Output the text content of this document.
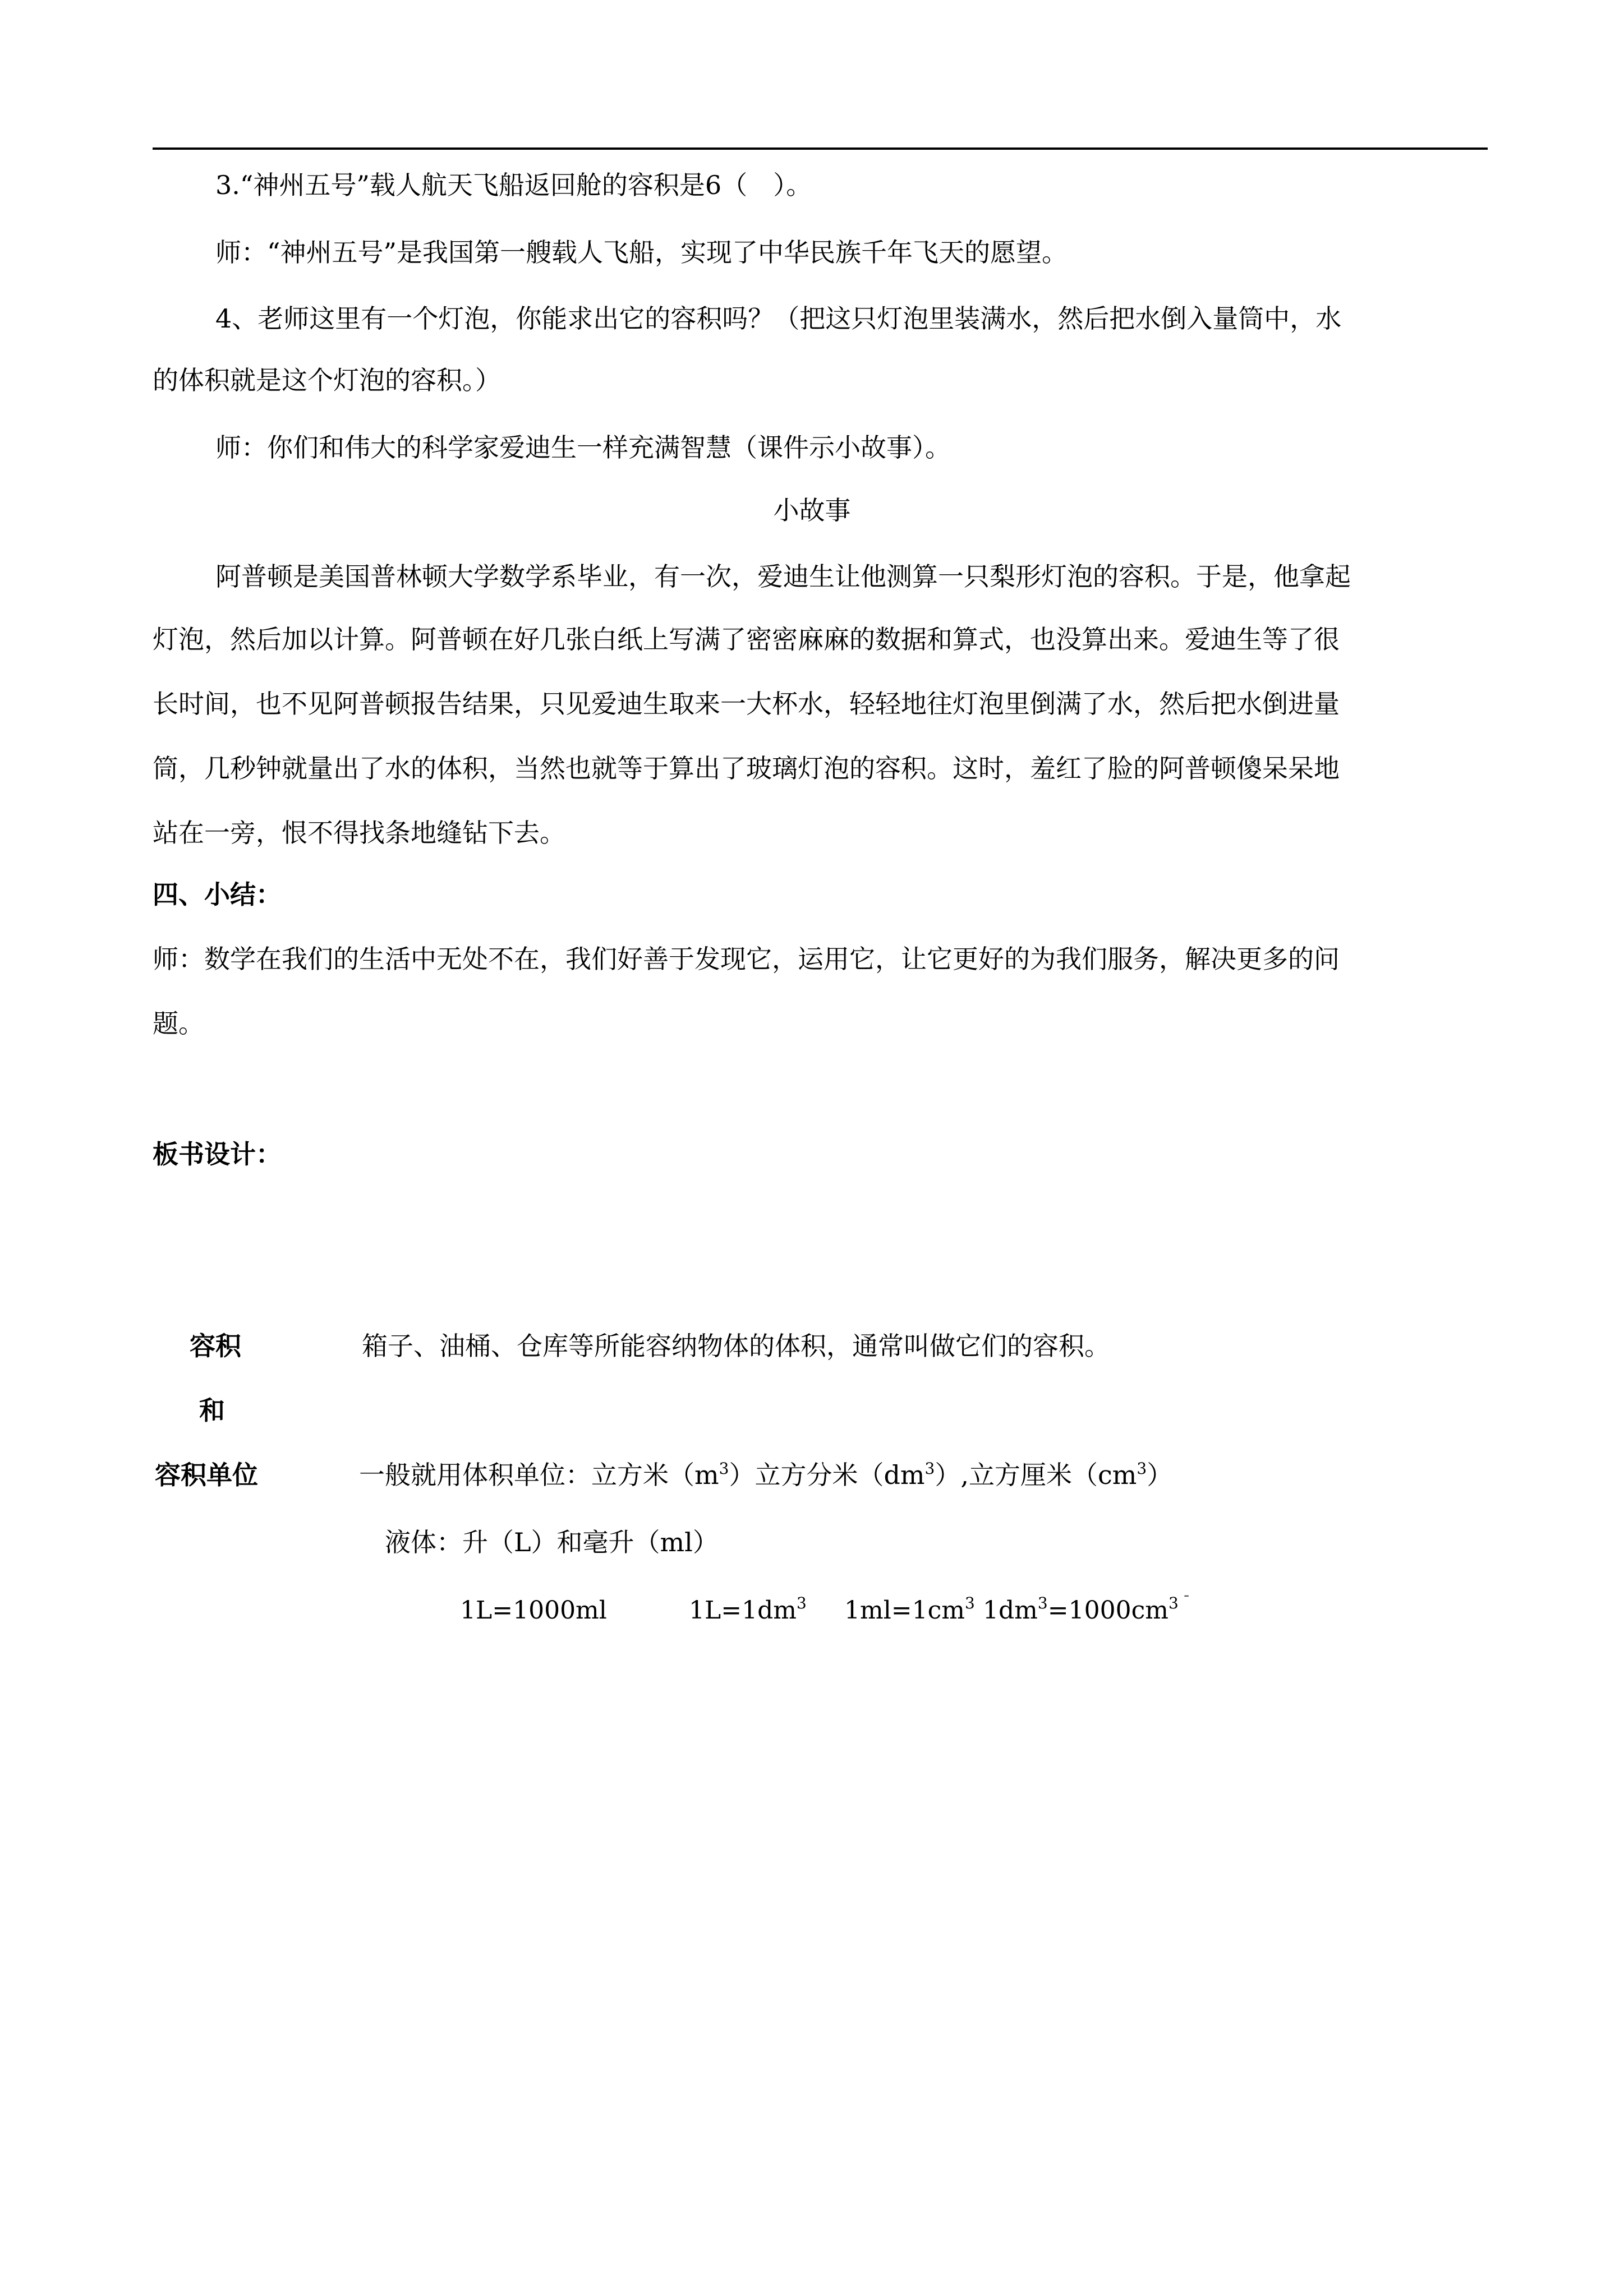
3.“神州五号”载人航天飞船返回舱的容积是6（　）。
师：“神州五号”是我国第一艘载人飞船，实现了中华民族千年飞天的愿望。
4、老师这里有一个灯泡，你能求出它的容积吗？（把这只灯泡里装满水，然后把水倒入量筒中，水
的体积就是这个灯泡的容积。）
师：你们和伟大的科学家爱迪生一样充满智慧（课件示小故事）。
小故事
阿普顿是美国普林顿大学数学系毕业，有一次，爱迪生让他测算一只梨形灯泡的容积。于是，他拿起
灯泡，然后加以计算。阿普顿在好几张白纸上写满了密密麻麻的数据和算式，也没算出来。爱迪生等了很
长时间，也不见阿普顿报告结果，只见爱迪生取来一大杯水，轻轻地往灯泡里倒满了水，然后把水倒进量
筒，几秒钟就量出了水的体积，当然也就等于算出了玻璃灯泡的容积。这时，羞红了脸的阿普顿傻呆呆地
站在一旁，恨不得找条地缝钻下去。
四、小结：
师：数学在我们的生活中无处不在，我们好善于发现它，运用它，让它更好的为我们服务，解决更多的问
题。
板书设计：
容积
和
容积单位
箱子、油桶、仓库等所能容纳物体的体积，通常叫做它们的容积。
一般就用体积单位：立方米$(m^3)$立方分米$(dm^3)$,立方厘米$(cm^3)$
液体：升（L）和毫升（ml）
1L=1000ml	$1L=1dm^3$ $1ml=1cm^3$ $1dm^3=1000cm^3$ -
